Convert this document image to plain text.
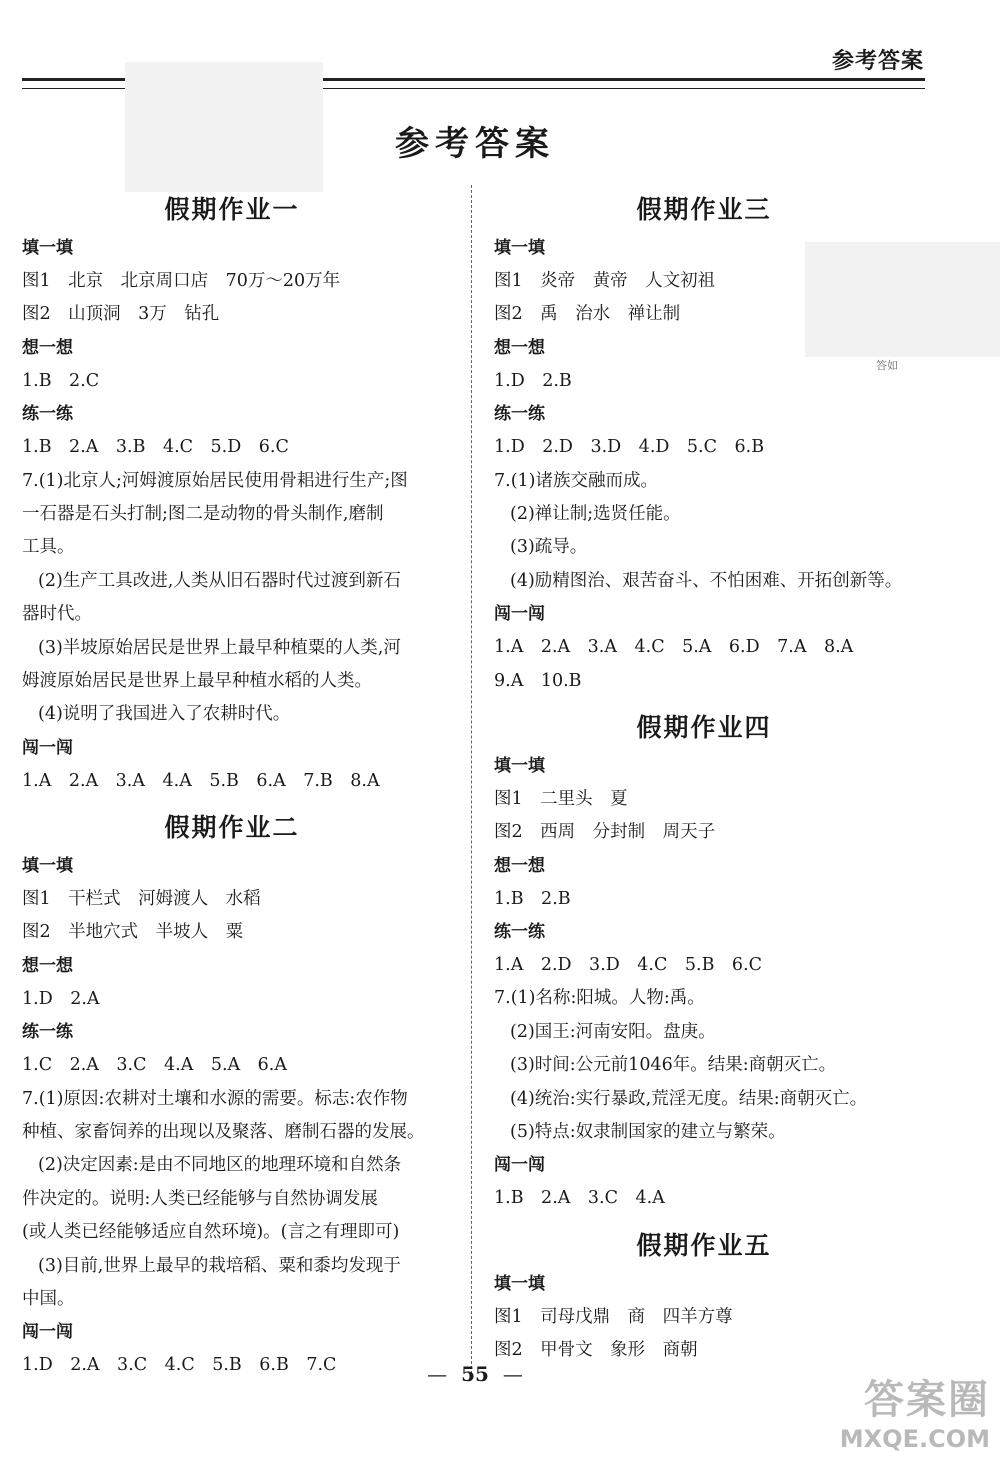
参考答案
答如
参考答案
假期作业一
填一填
图1　北京　北京周口店　70万～20万年
图2　山顶洞　3万　钻孔
想一想
1.B　2.C
练一练
1.B　2.A　3.B　4.C　5.D　6.C
7.(1)北京人;河姆渡原始居民使用骨耜进行生产;图
一石器是石头打制;图二是动物的骨头制作,磨制
工具。
(2)生产工具改进,人类从旧石器时代过渡到新石
器时代。
(3)半坡原始居民是世界上最早种植粟的人类,河
姆渡原始居民是世界上最早种植水稻的人类。
(4)说明了我国进入了农耕时代。
闯一闯
1.A　2.A　3.A　4.A　5.B　6.A　7.B　8.A
假期作业二
填一填
图1　干栏式　河姆渡人　水稻
图2　半地穴式　半坡人　粟
想一想
1.D　2.A
练一练
1.C　2.A　3.C　4.A　5.A　6.A
7.(1)原因:农耕对土壤和水源的需要。标志:农作物
种植、家畜饲养的出现以及聚落、磨制石器的发展。
(2)决定因素:是由不同地区的地理环境和自然条
件决定的。说明:人类已经能够与自然协调发展
(或人类已经能够适应自然环境)。(言之有理即可)
(3)目前,世界上最早的栽培稻、粟和黍均发现于
中国。
闯一闯
1.D　2.A　3.C　4.C　5.B　6.B　7.C
假期作业三
填一填
图1　炎帝　黄帝　人文初祖
图2　禹　治水　禅让制
想一想
1.D　2.B
练一练
1.D　2.D　3.D　4.D　5.C　6.B
7.(1)诸族交融而成。
(2)禅让制;选贤任能。
(3)疏导。
(4)励精图治、艰苦奋斗、不怕困难、开拓创新等。
闯一闯
1.A　2.A　3.A　4.C　5.A　6.D　7.A　8.A
9.A　10.B
假期作业四
填一填
图1　二里头　夏
图2　西周　分封制　周天子
想一想
1.B　2.B
练一练
1.A　2.D　3.D　4.C　5.B　6.C
7.(1)名称:阳城。人物:禹。
(2)国王:河南安阳。盘庚。
(3)时间:公元前1046年。结果:商朝灭亡。
(4)统治:实行暴政,荒淫无度。结果:商朝灭亡。
(5)特点:奴隶制国家的建立与繁荣。
闯一闯
1.B　2.A　3.C　4.A
假期作业五
填一填
图1　司母戊鼎　商　四羊方尊
图2　甲骨文　象形　商朝
— 55 —
答案圈
MXQE.COM
